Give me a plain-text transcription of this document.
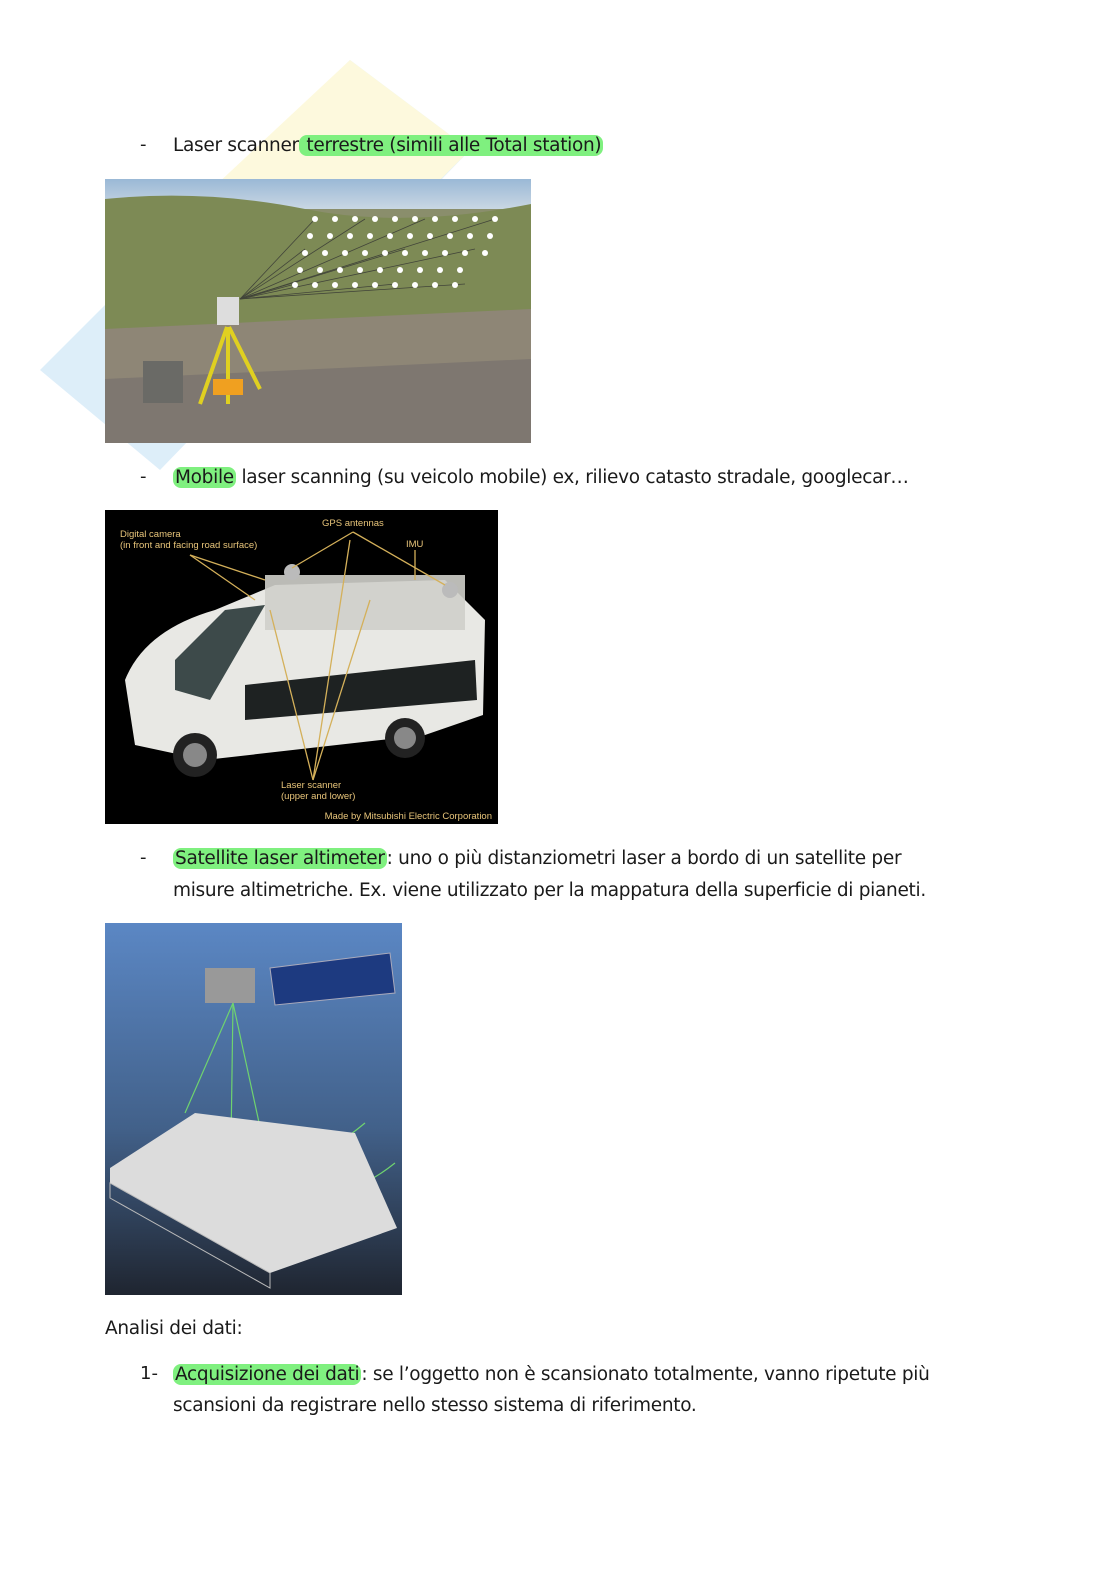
- Laser scanner terrestre (simili alle Total station)
- Mobile laser scanning (su veicolo mobile) ex, rilievo catasto stradale, googlecar…
Digital camera
(in front and facing road surface)
GPS antennas
IMU
Laser scanner
(upper and lower)
Made by Mitsubishi Electric Corporation
- Satellite laser altimeter : uno o più distanziometri laser a bordo di un satellite per
misure altimetriche. Ex. viene utilizzato per la mappatura della superficie di pianeti.
Analisi dei dati:
1- Acquisizione dei dati : se l’oggetto non è scansionato totalmente, vanno ripetute più
scansioni da registrare nello stesso sistema di riferimento.
